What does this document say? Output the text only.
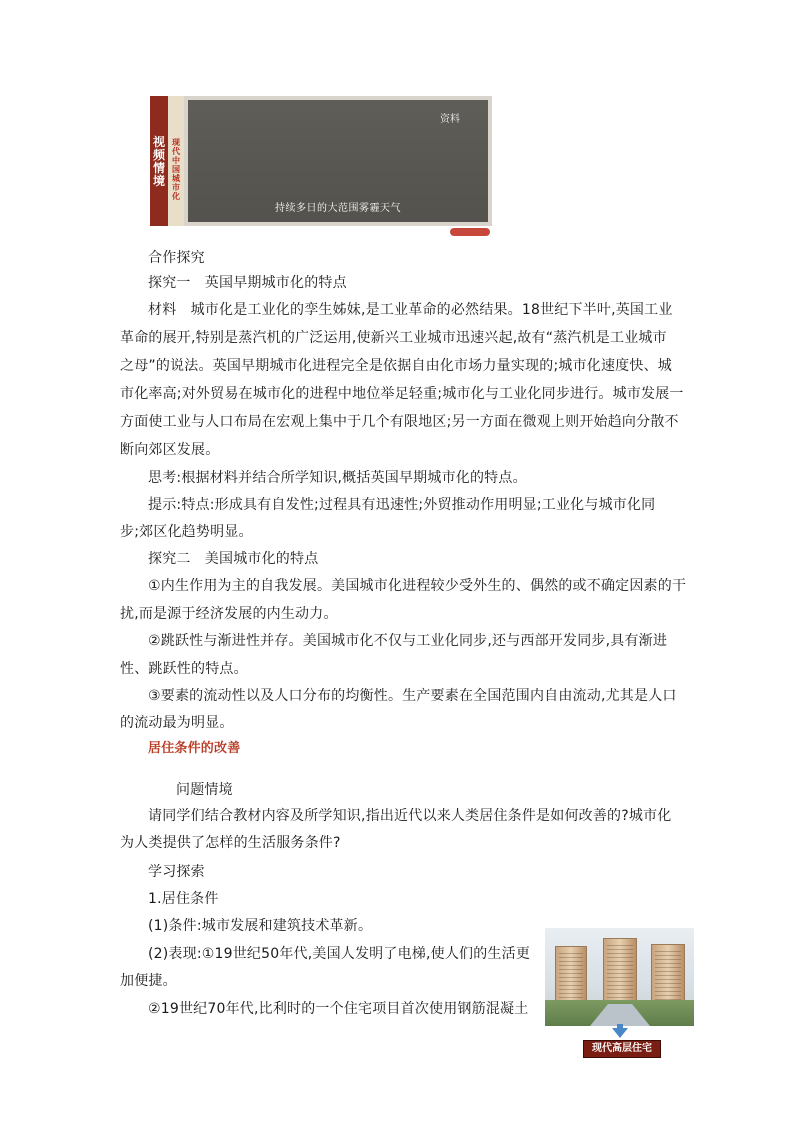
视频情境
现代中国城市化
资料
持续多日的大范围雾霾天气
合作探究
探究一　英国早期城市化的特点
材料　城市化是工业化的孪生姊妹,是工业革命的必然结果。18世纪下半叶,英国工业
革命的展开,特别是蒸汽机的广泛运用,使新兴工业城市迅速兴起,故有“蒸汽机是工业城市
之母”的说法。英国早期城市化进程完全是依据自由化市场力量实现的;城市化速度快、城
市化率高;对外贸易在城市化的进程中地位举足轻重;城市化与工业化同步进行。城市发展一
方面使工业与人口布局在宏观上集中于几个有限地区;另一方面在微观上则开始趋向分散不
断向郊区发展。
思考:根据材料并结合所学知识,概括英国早期城市化的特点。
提示:特点:形成具有自发性;过程具有迅速性;外贸推动作用明显;工业化与城市化同
步;郊区化趋势明显。
探究二　美国城市化的特点
①内生作用为主的自我发展。美国城市化进程较少受外生的、偶然的或不确定因素的干
扰,而是源于经济发展的内生动力。
②跳跃性与渐进性并存。美国城市化不仅与工业化同步,还与西部开发同步,具有渐进
性、跳跃性的特点。
③要素的流动性以及人口分布的均衡性。生产要素在全国范围内自由流动,尤其是人口
的流动最为明显。
居住条件的改善
问题情境
请同学们结合教材内容及所学知识,指出近代以来人类居住条件是如何改善的?城市化
为人类提供了怎样的生活服务条件?
学习探索
1.居住条件
(1)条件:城市发展和建筑技术革新。
(2)表现:①19世纪50年代,美国人发明了电梯,使人们的生活更
加便捷。
②19世纪70年代,比利时的一个住宅项目首次使用钢筋混凝土
现代高层住宅
